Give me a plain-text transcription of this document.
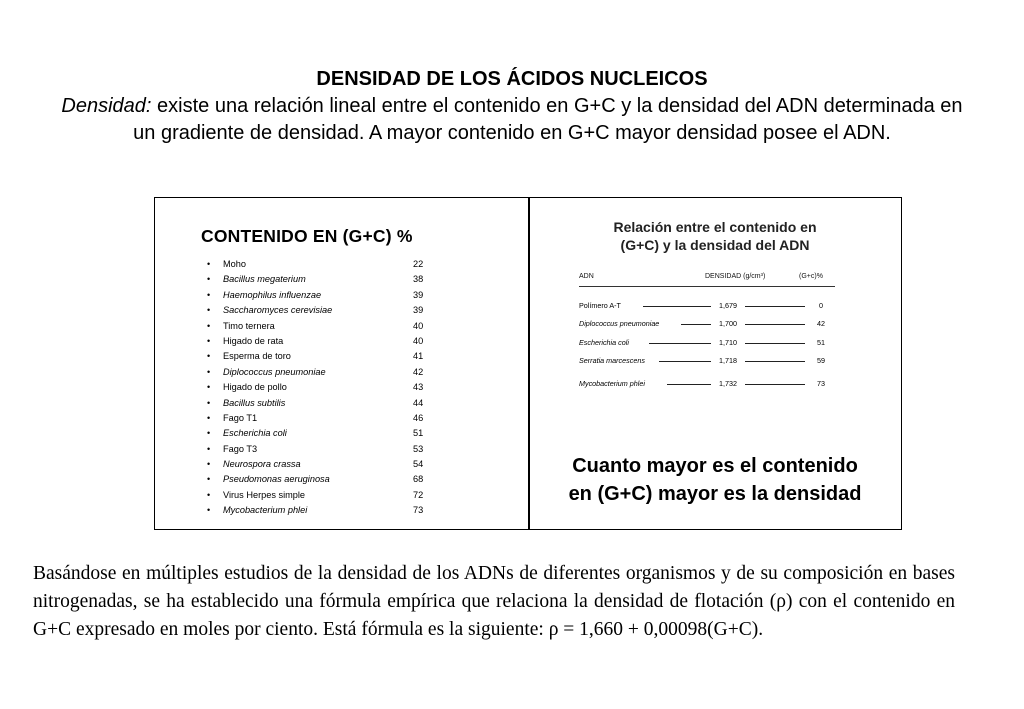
DENSIDAD DE LOS ÁCIDOS NUCLEICOS
Densidad: existe una relación lineal entre el contenido en G+C y la densidad del ADN determinada en un gradiente de densidad. A mayor contenido en G+C mayor densidad posee el ADN.
CONTENIDO EN (G+C) %
• Moho	22
• Bacillus megaterium	38
• Haemophilus influenzae	39
• Saccharomyces cerevisiae	39
• Timo ternera	40
• Higado de rata	40
• Esperma de toro	41
• Diplococcus pneumoniae	42
• Higado de pollo	43
• Bacillus subtilis	44
• Fago T1	46
• Escherichia coli	51
• Fago T3	53
• Neurospora crassa	54
• Pseudomonas aeruginosa	68
• Virus Herpes simple	72
• Mycobacterium phlei	73
Relación entre el contenido en
(G+C) y la densidad del ADN
ADN	DENSIDAD (g/cm³)	(G+c)%
Polímero A-T	1,679	0
Diplococcus pneumoniae	1,700	42
Escherichia coli	1,710	51
Serratia marcescens	1,718	59
Mycobacterium phlei	1,732	73
Cuanto mayor es el contenido
en (G+C) mayor es la densidad
Basándose en múltiples estudios de la densidad de los ADNs de diferentes organismos y de su composición en bases nitrogenadas, se ha establecido una fórmula empírica que relaciona la densidad de flotación (ρ) con el contenido en G+C expresado en moles por ciento. Está fórmula es la siguiente: ρ = 1,660 + 0,00098(G+C).
